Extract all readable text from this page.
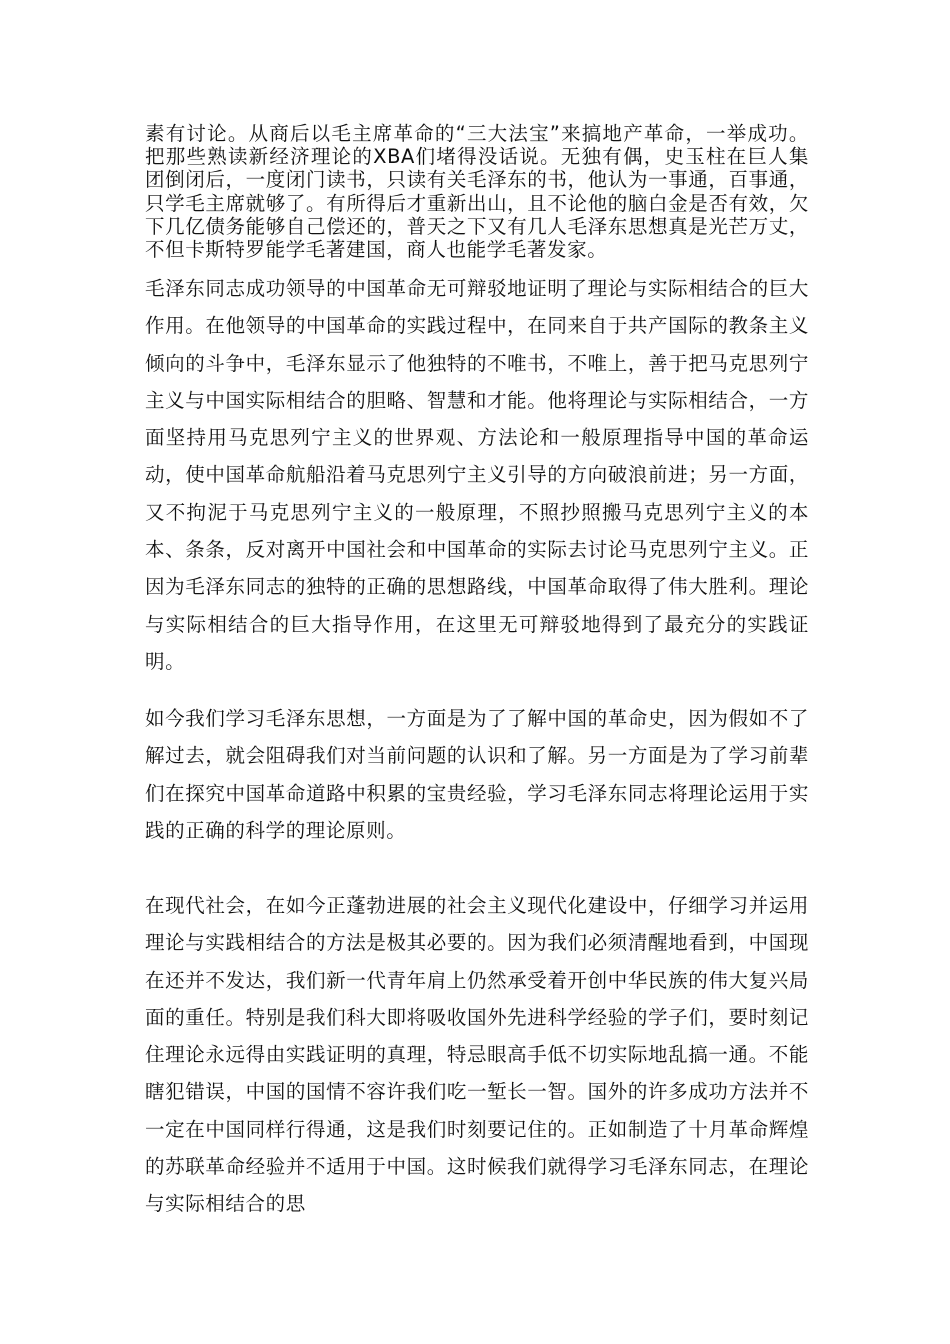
素有讨论。从商后以毛主席革命的“三大法宝”来搞地产革命，一举成功。把那些熟读新经济理论的XBA们堵得没话说。无独有偶，史玉柱在巨人集团倒闭后，一度闭门读书，只读有关毛泽东的书，他认为一事通，百事通，只学毛主席就够了。有所得后才重新出山，且不论他的脑白金是否有效，欠下几亿债务能够自己偿还的，普天之下又有几人毛泽东思想真是光芒万丈，不但卡斯特罗能学毛著建国，商人也能学毛著发家。

毛泽东同志成功领导的中国革命无可辩驳地证明了理论与实际相结合的巨大作用。在他领导的中国革命的实践过程中，在同来自于共产国际的教条主义倾向的斗争中，毛泽东显示了他独特的不唯书，不唯上，善于把马克思列宁主义与中国实际相结合的胆略、智慧和才能。他将理论与实际相结合，一方面坚持用马克思列宁主义的世界观、方法论和一般原理指导中国的革命运动，使中国革命航船沿着马克思列宁主义引导的方向破浪前进；另一方面，又不拘泥于马克思列宁主义的一般原理，不照抄照搬马克思列宁主义的本本、条条，反对离开中国社会和中国革命的实际去讨论马克思列宁主义。正因为毛泽东同志的独特的正确的思想路线，中国革命取得了伟大胜利。理论与实际相结合的巨大指导作用，在这里无可辩驳地得到了最充分的实践证明。

如今我们学习毛泽东思想，一方面是为了了解中国的革命史，因为假如不了解过去，就会阻碍我们对当前问题的认识和了解。另一方面是为了学习前辈们在探究中国革命道路中积累的宝贵经验，学习毛泽东同志将理论运用于实践的正确的科学的理论原则。

在现代社会，在如今正蓬勃进展的社会主义现代化建设中，仔细学习并运用理论与实践相结合的方法是极其必要的。因为我们必须清醒地看到，中国现在还并不发达，我们新一代青年肩上仍然承受着开创中华民族的伟大复兴局面的重任。特别是我们科大即将吸收国外先进科学经验的学子们，要时刻记住理论永远得由实践证明的真理，特忌眼高手低不切实际地乱搞一通。不能瞎犯错误，中国的国情不容许我们吃一堑长一智。国外的许多成功方法并不一定在中国同样行得通，这是我们时刻要记住的。正如制造了十月革命辉煌的苏联革命经验并不适用于中国。这时候我们就得学习毛泽东同志，在理论与实际相结合的思
